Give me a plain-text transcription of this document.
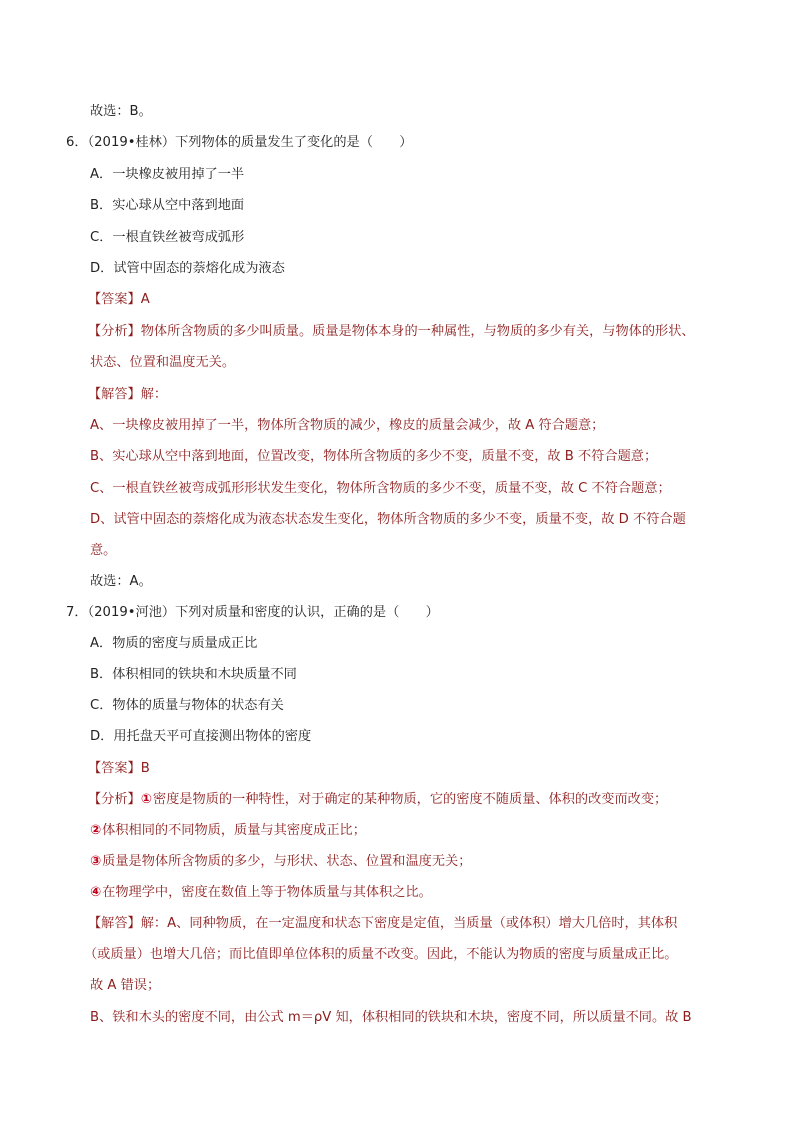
故选：B。
6．（2019•桂林）下列物体的质量发生了变化的是（　　）
A．一块橡皮被用掉了一半
B．实心球从空中落到地面
C．一根直铁丝被弯成弧形
D．试管中固态的萘熔化成为液态
【答案】A
【分析】物体所含物质的多少叫质量。质量是物体本身的一种属性，与物质的多少有关，与物体的形状、
状态、位置和温度无关。
【解答】解：
A、一块橡皮被用掉了一半，物体所含物质的减少，橡皮的质量会减少，故 A 符合题意；
B、实心球从空中落到地面，位置改变，物体所含物质的多少不变，质量不变，故 B 不符合题意；
C、一根直铁丝被弯成弧形形状发生变化，物体所含物质的多少不变，质量不变，故 C 不符合题意；
D、试管中固态的萘熔化成为液态状态发生变化，物体所含物质的多少不变，质量不变，故 D 不符合题
意。
故选：A。
7．（2019•河池）下列对质量和密度的认识，正确的是（　　）
A．物质的密度与质量成正比
B．体积相同的铁块和木块质量不同
C．物体的质量与物体的状态有关
D．用托盘天平可直接测出物体的密度
【答案】B
【分析】①密度是物质的一种特性，对于确定的某种物质，它的密度不随质量、体积的改变而改变；
②体积相同的不同物质，质量与其密度成正比；
③质量是物体所含物质的多少，与形状、状态、位置和温度无关；
④在物理学中，密度在数值上等于物体质量与其体积之比。
【解答】解：A、同种物质，在一定温度和状态下密度是定值，当质量（或体积）增大几倍时，其体积
（或质量）也增大几倍；而比值即单位体积的质量不改变。因此，不能认为物质的密度与质量成正比。
故 A 错误；
B、铁和木头的密度不同，由公式 m＝ρV 知，体积相同的铁块和木块，密度不同，所以质量不同。故 B
